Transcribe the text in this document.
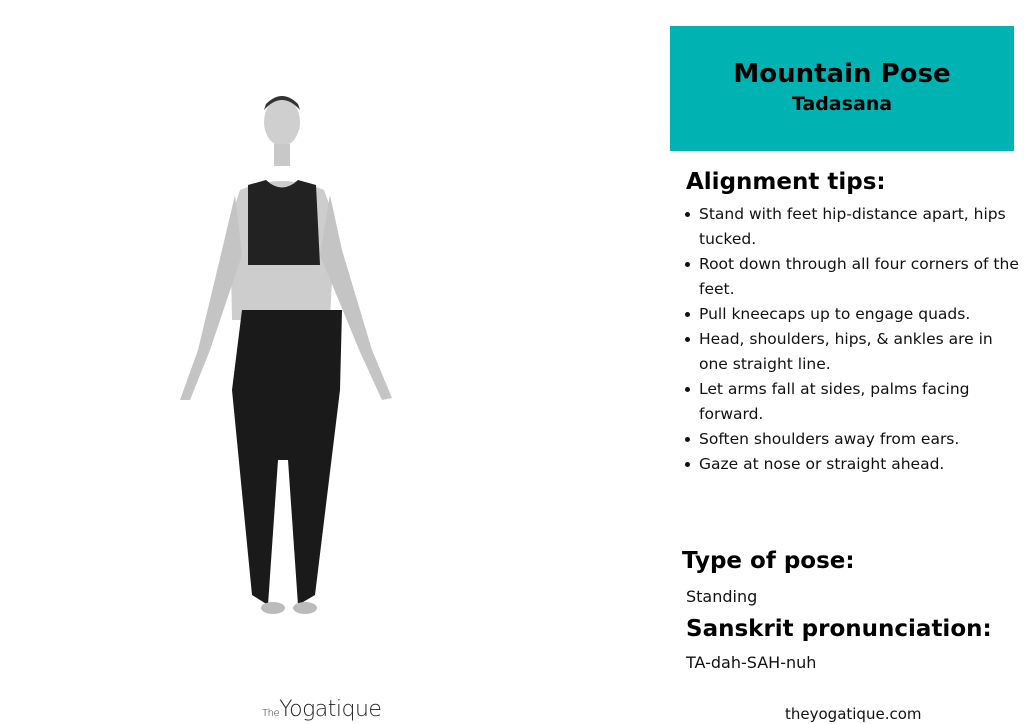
Mountain Pose
Tadasana
Alignment tips:
Stand with feet hip-distance apart, hips tucked.
Root down through all four corners of the feet.
Pull kneecaps up to engage quads.
Head, shoulders, hips, & ankles are in one straight line.
Let arms fall at sides, palms facing forward.
Soften shoulders away from ears.
Gaze at nose or straight ahead.
Type of pose:
Standing
Sanskrit pronunciation:
TA-dah-SAH-nuh
TheYogatique	theyogatique.com
